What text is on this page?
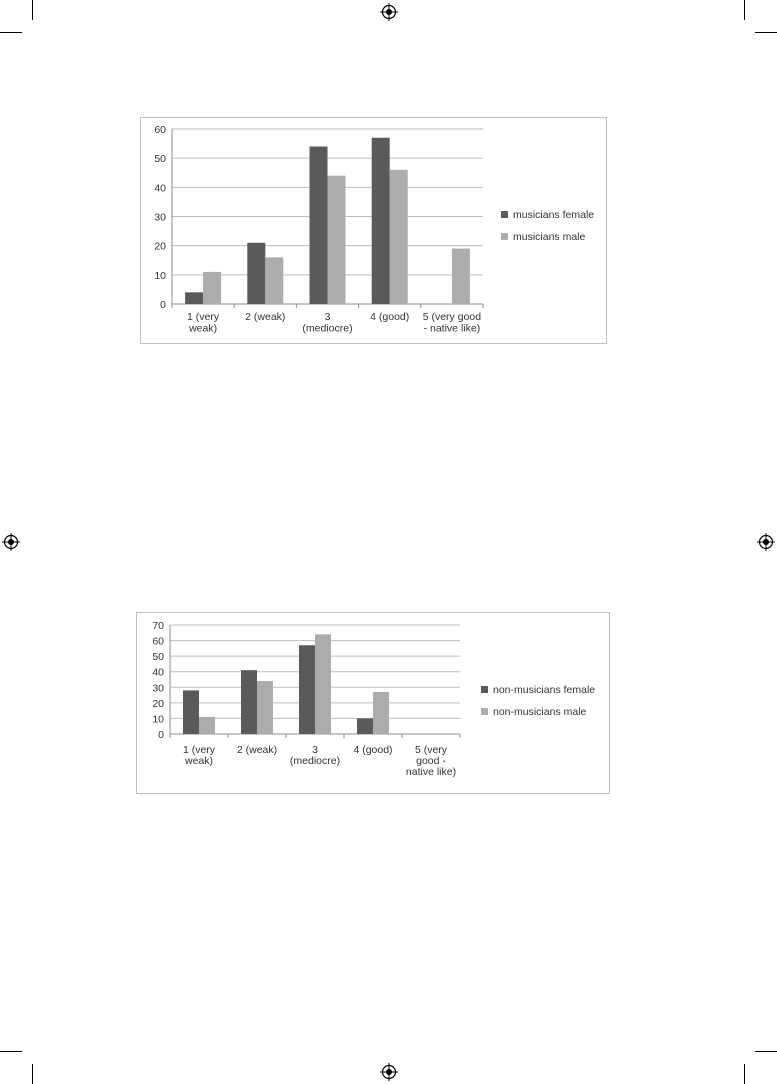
0
10
20
30
40
50
60
1 (very weak)
2 (weak)	3 (mediocre)
4 (good) 5 (very good - native like)
musicians female
musicians male
0
10
20
30
40
50
60
70
1 (very weak)
2 (weak)	3 (mediocre)
4 (good)	5 (very good -native like)
non-musicians female
non-musicians male
